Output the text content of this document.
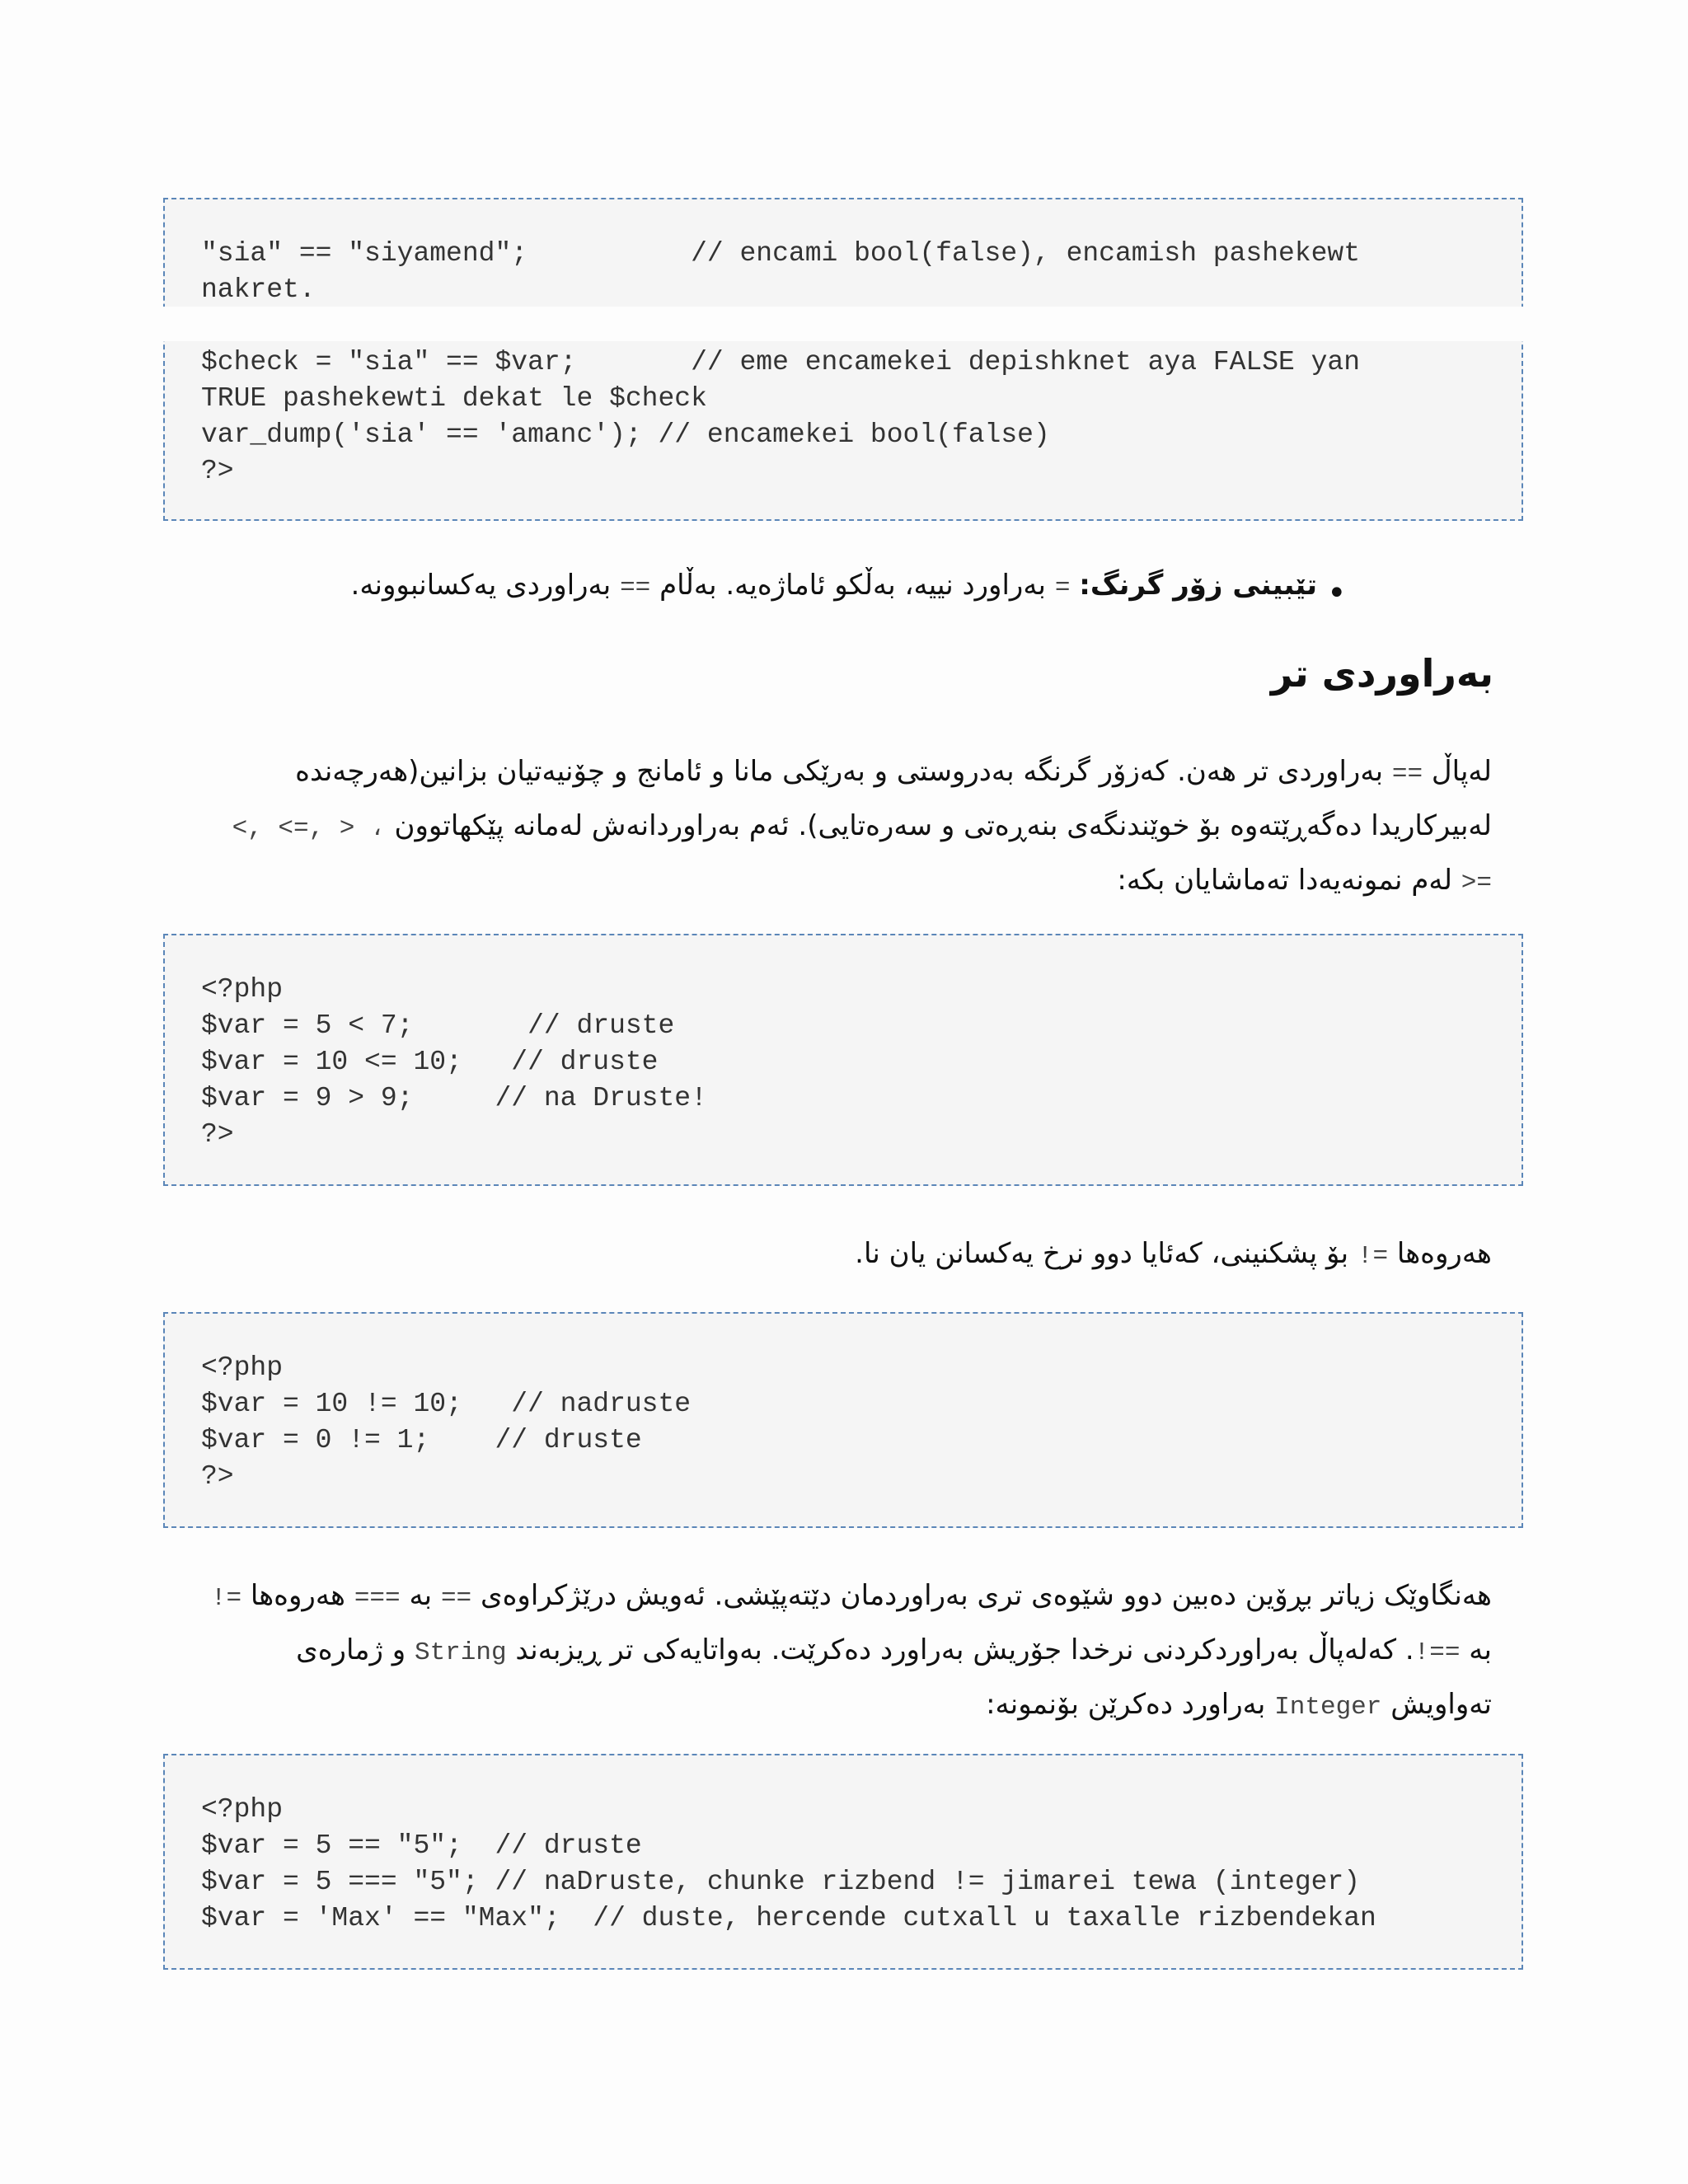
"sia" == "siyamend";          // encami bool(false), encamish pashekewt
nakret.
$check = "sia" == $var;       // eme encamekei depishknet aya FALSE yan
TRUE pashekewti dekat le $check
var_dump('sia' == 'amanc'); // encamekei bool(false)
?>
•
تێبینی زۆر گرنگ: = بەراورد نییە، بەڵکو ئاماژەیە. بەڵام == بەراوردی یەکسانبوونە.
بەراوردی تر
لەپاڵ == بەراوردی تر هەن. کەزۆر گرنگە بەدروستی و بەرێکی مانا و ئامانج و چۆنیەتیان بزانین(هەرچەندە لەبیرکاریدا دەگەڕێتەوە بۆ خوێندنگەی بنەڕەتی و سەرەتایی). ئەم بەراوردانەش لەمانە پێکهاتوون <, <=, > ، >= لەم نمونەیەدا تەماشایان بکە:
<?php
$var = 5 < 7;       // druste
$var = 10 <= 10;   // druste
$var = 9 > 9;     // na Druste!
?>
هەروەها != بۆ پشکنینی، کەئایا دوو نرخ یەکسانن یان نا.
<?php
$var = 10 != 10;   // nadruste
$var = 0 != 1;    // druste
?>
هەنگاوێک زیاتر بڕۆین دەبین دوو شێوەی تری بەراوردمان دێتەپێشی. ئەویش درێژکراوەی == بە === هەروەها != بە !==. کەلەپاڵ بەراوردکردنی نرخدا جۆریش بەراورد دەکرێت. بەواتایەکی تر ڕیزبەند String و ژمارەی تەواویش Integer بەراورد دەکرێن بۆنمونە:
<?php
$var = 5 == "5";  // druste
$var = 5 === "5"; // naDruste, chunke rizbend != jimarei tewa (integer)
$var = 'Max' == "Max";  // duste, hercende cutxall u taxalle rizbendekan
